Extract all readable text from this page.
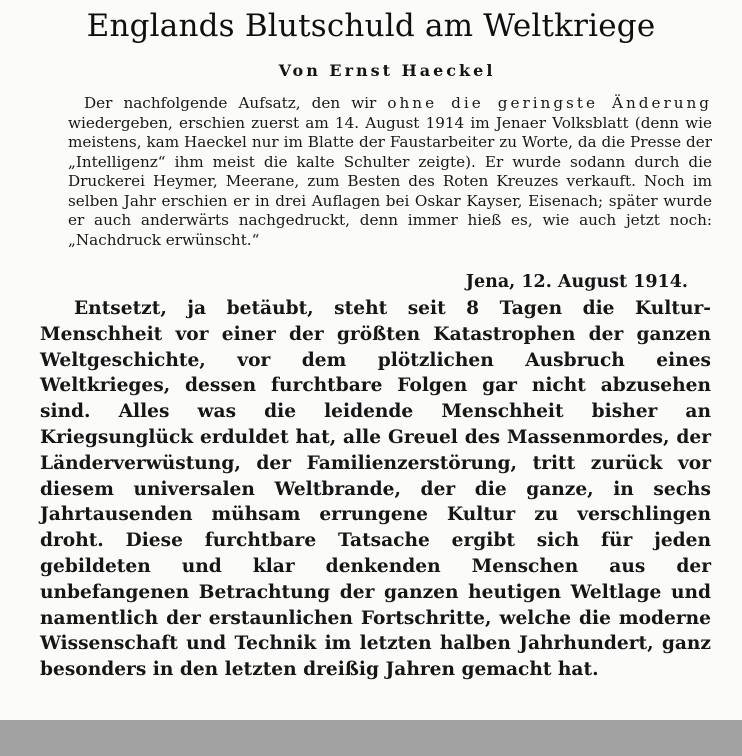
Englands Blutschuld am Weltkriege
Von Ernst Haeckel
Der nachfolgende Aufsatz, den wir ohne die geringste Änderung wiedergeben, erschien zuerst am 14. August 1914 im Jenaer Volksblatt (denn wie meistens, kam Haeckel nur im Blatte der Faustarbeiter zu Worte, da die Presse der „Intelligenz“ ihm meist die kalte Schulter zeigte). Er wurde sodann durch die Druckerei Heymer, Meerane, zum Besten des Roten Kreuzes verkauft. Noch im selben Jahr erschien er in drei Auflagen bei Oskar Kayser, Eisenach; später wurde er auch anderwärts nachgedruckt, denn immer hieß es, wie auch jetzt noch: „Nachdruck erwünscht.“
Jena, 12. August 1914.
Entsetzt, ja betäubt, steht seit 8 Tagen die Kultur-Menschheit vor einer der größten Katastrophen der ganzen Weltgeschichte, vor dem plötzlichen Ausbruch eines Weltkrieges, dessen furchtbare Folgen gar nicht abzusehen sind. Alles was die leidende Menschheit bisher an Kriegsunglück erduldet hat, alle Greuel des Massenmordes, der Länderverwüstung, der Familienzerstörung, tritt zurück vor diesem universalen Weltbrande, der die ganze, in sechs Jahrtausenden mühsam errungene Kultur zu verschlingen droht. Diese furchtbare Tatsache ergibt sich für jeden gebildeten und klar denkenden Menschen aus der unbefangenen Betrachtung der ganzen heutigen Weltlage und namentlich der erstaunlichen Fortschritte, welche die moderne Wissenschaft und Technik im letzten halben Jahrhundert, ganz besonders in den letzten dreißig Jahren gemacht hat.
